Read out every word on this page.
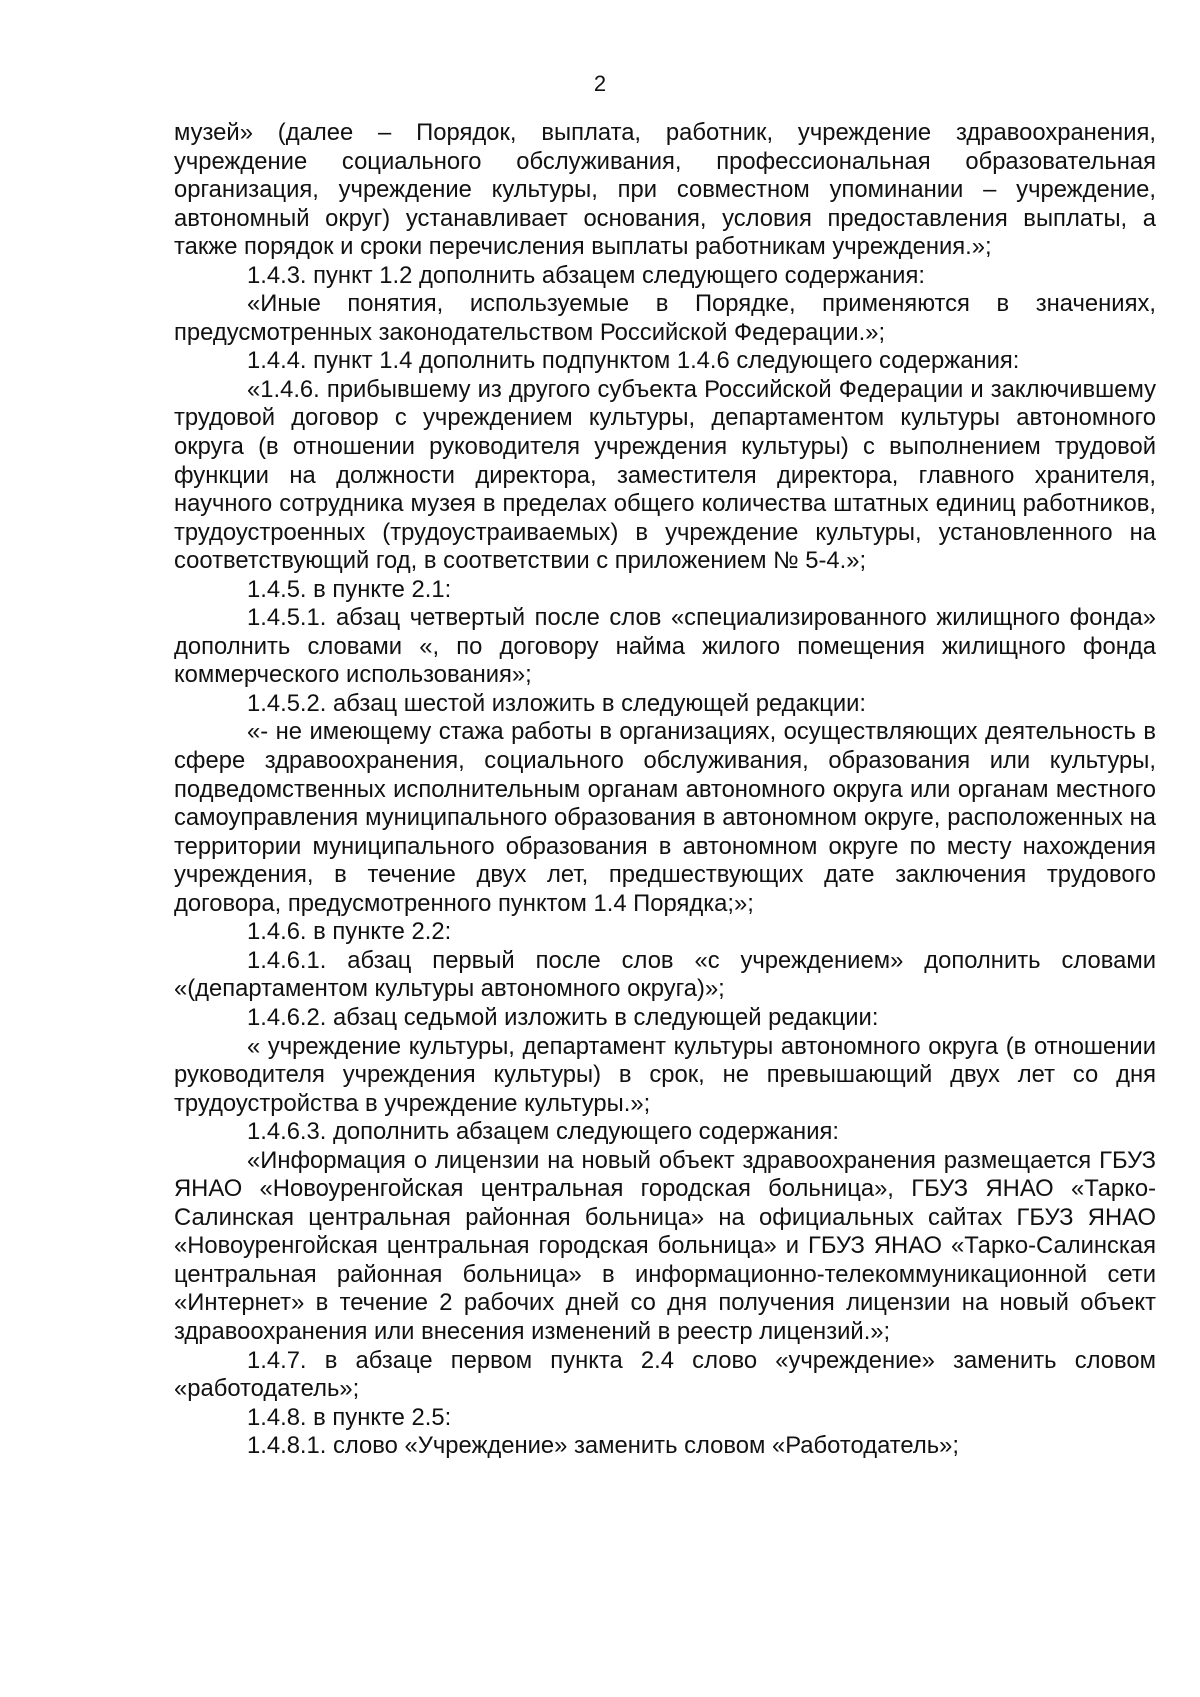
2

музей» (далее – Порядок, выплата, работник, учреждение здравоохранения, учреждение социального обслуживания, профессиональная образовательная организация, учреждение культуры, при совместном упоминании – учреждение, автономный округ) устанавливает основания, условия предоставления выплаты, а также порядок и сроки перечисления выплаты работникам учреждения.»;

1.4.3. пункт 1.2 дополнить абзацем следующего содержания:

«Иные понятия, используемые в Порядке, применяются в значениях, предусмотренных законодательством Российской Федерации.»;

1.4.4. пункт 1.4 дополнить подпунктом 1.4.6 следующего содержания:

«1.4.6. прибывшему из другого субъекта Российской Федерации и заключившему трудовой договор с учреждением культуры, департаментом культуры автономного округа (в отношении руководителя учреждения культуры) с выполнением трудовой функции на должности директора, заместителя директора, главного хранителя, научного сотрудника музея в пределах общего количества штатных единиц работников, трудоустроенных (трудоустраиваемых) в учреждение культуры, установленного на соответствующий год, в соответствии с приложением № 5-4.»;

1.4.5. в пункте 2.1:

1.4.5.1. абзац четвертый после слов «специализированного жилищного фонда» дополнить словами «, по договору найма жилого помещения жилищного фонда коммерческого использования»;

1.4.5.2. абзац шестой изложить в следующей редакции:

«- не имеющему стажа работы в организациях, осуществляющих деятельность в сфере здравоохранения, социального обслуживания, образования или культуры, подведомственных исполнительным органам автономного округа или органам местного самоуправления муниципального образования в автономном округе, расположенных на территории муниципального образования в автономном округе по месту нахождения учреждения, в течение двух лет, предшествующих дате заключения трудового договора, предусмотренного пунктом 1.4 Порядка;»;

1.4.6. в пункте 2.2:

1.4.6.1. абзац первый после слов «с учреждением» дополнить словами «(департаментом культуры автономного округа)»;

1.4.6.2. абзац седьмой изложить в следующей редакции:

« учреждение культуры, департамент культуры автономного округа (в отношении руководителя учреждения культуры) в срок, не превышающий двух лет со дня трудоустройства в учреждение культуры.»;

1.4.6.3. дополнить абзацем следующего содержания:

«Информация о лицензии на новый объект здравоохранения размещается ГБУЗ ЯНАО «Новоуренгойская центральная городская больница», ГБУЗ ЯНАО «Тарко-Салинская центральная районная больница» на официальных сайтах ГБУЗ ЯНАО «Новоуренгойская центральная городская больница» и ГБУЗ ЯНАО «Тарко-Салинская центральная районная больница» в информационно-телекоммуникационной сети «Интернет» в течение 2 рабочих дней со дня получения лицензии на новый объект здравоохранения или внесения изменений в реестр лицензий.»;

1.4.7. в абзаце первом пункта 2.4 слово «учреждение» заменить словом «работодатель»;

1.4.8. в пункте 2.5:

1.4.8.1. слово «Учреждение» заменить словом «Работодатель»;
